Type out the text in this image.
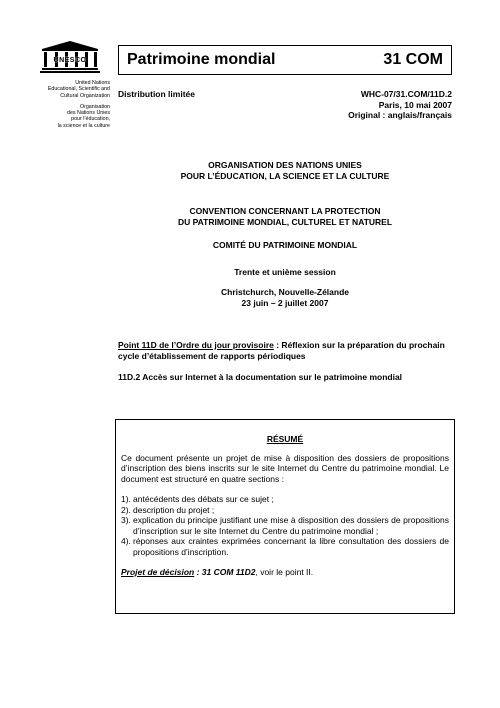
UNESCO

United Nations
Educational, Scientific and
Cultural Organization

Organisation
des Nations Unies
pour l’éducation,
la science et la culture

Patrimoine mondial	31 COM
Distribution limitée	WHC-07/31.COM/11D.2
Paris, 10 mai 2007
Original : anglais/français
ORGANISATION DES NATIONS UNIES
POUR L’ÉDUCATION, LA SCIENCE ET LA CULTURE
CONVENTION CONCERNANT LA PROTECTION
DU PATRIMOINE MONDIAL, CULTUREL ET NATUREL
COMITÉ DU PATRIMOINE MONDIAL
Trente et unième session
Christchurch, Nouvelle-Zélande
23 juin – 2 juillet 2007
Point 11D de l’Ordre du jour provisoire : Réflexion sur la préparation du prochain cycle d’établissement de rapports périodiques
11D.2 Accès sur Internet à la documentation sur le patrimoine mondial
RÉSUMÉ

Ce document présente un projet de mise à disposition des dossiers de propositions d’inscription des biens inscrits sur le site Internet du Centre du patrimoine mondial. Le document est structuré en quatre sections :

1). antécédents des débats sur ce sujet ;
2). description du projet ;
3). explication du principe justifiant une mise à disposition des dossiers de propositions d’inscription sur le site Internet du Centre du patrimoine mondial ;
4). réponses aux craintes exprimées concernant la libre consultation des dossiers de propositions d’inscription.
Projet de décision : 31 COM 11D2, voir le point II.
